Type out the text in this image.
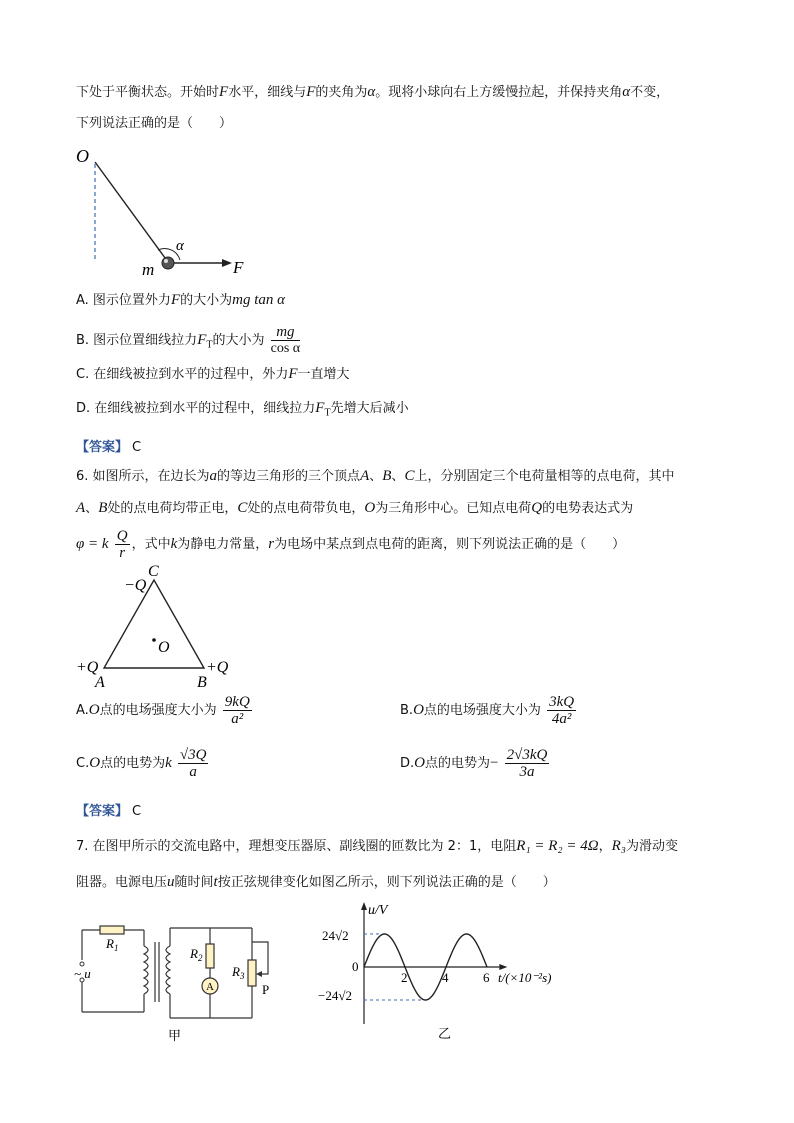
下处于平衡状态。开始时F水平，细线与F的夹角为α。现将小球向右上方缓慢拉起，并保持夹角α不变，
下列说法正确的是（　　）
O
α
m	F
A. 图示位置外力F的大小为mg tan α
B. 图示位置细线拉力$F_T$的大小为 $\frac{mg}{\text{cos α}}$
C. 在细线被拉到水平的过程中，外力F一直增大
D. 在细线被拉到水平的过程中，细线拉力$F_T$先增大后减小
【答案】 C
6. 如图所示，在边长为a的等边三角形的三个顶点A、B、C上，分别固定三个电荷量相等的点电荷，其中
A、B处的点电荷均带正电，C处的点电荷带负电，O为三角形中心。已知点电荷Q的电势表达式为
φ = k $\frac{Q}{r}$ ，式中k为静电力常量，r为电场中某点到点电荷的距离，则下列说法正确的是（　　）
C
−Q
O
+Q
A	B
+Q
A.O点的电场强度大小为 $\frac{9kQ}{\text{a²}}$	B.O点的电场强度大小为 $\frac{3kQ}{\text{4a²}}$
C.O点的电势为k $\frac{√3Q}{a}$	D.O点的电势为− $\frac{2√3kQ}{3a}$
【答案】 C
7. 在图甲所示的交流电路中，理想变压器原、副线圈的匝数比为 2：1，电阻R₁ = R₂ = 4Ω，R₃为滑动变
阻器。电源电压u随时间t按正弦规律变化如图乙所示，则下列说法正确的是（　　）
$R_1$
~ u
$R_2$
A
$R_3$
P
甲
u/V
24√2
0
−24√2
t/(×10⁻²s)
乙
2	4	6
